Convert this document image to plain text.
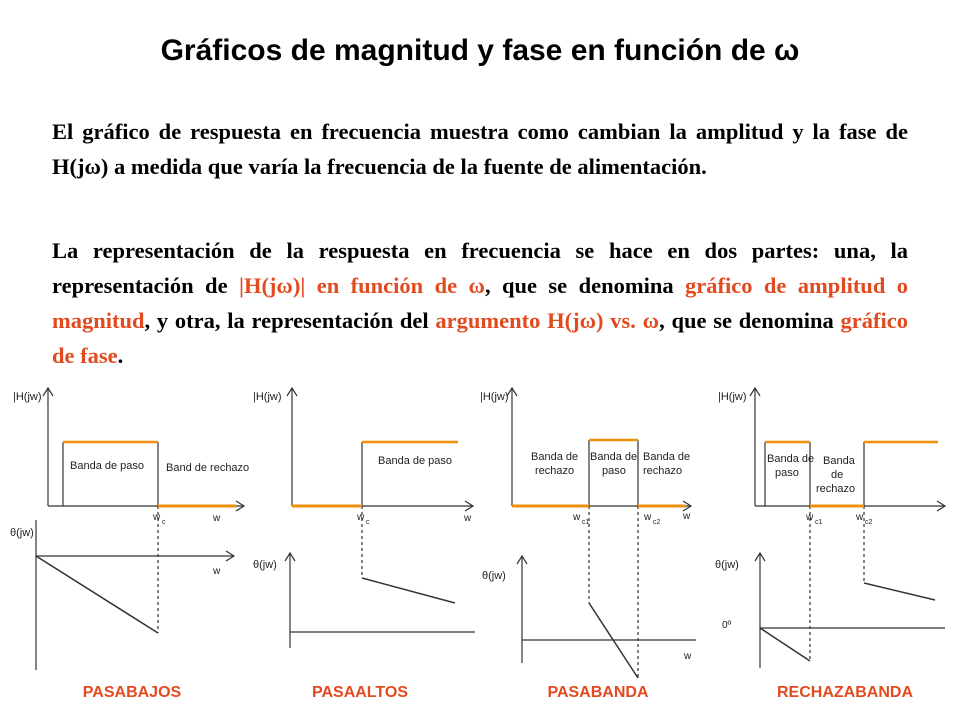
Gráficos de magnitud y fase en función de ω

El gráfico de respuesta en frecuencia muestra como cambian la amplitud y la fase de H(jω) a medida que varía la frecuencia de la fuente de alimentación.

La representación de la respuesta en frecuencia se hace en dos partes: una, la representación de |H(jω)| en función de ω, que se denomina gráfico de amplitud o magnitud, y otra, la representación del argumento H(jω) vs. ω, que se denomina gráfico de fase.

|H(jw)
θ(jw)
Banda de paso Band de rechazo
w c	w
w
|H(jw)
θ(jw)
Banda de paso
w c	w
|H(jw)
θ(jw)
Banda de
rechazo
Banda de
paso
Banda de
rechazo
w c1	w c2
w
w
|H(jw)
θ(jw)
0º
Banda de
paso
Banda
de
rechazo
w c1	w c2
PASABAJOS	PASAALTOS	PASABANDA	RECHAZABANDA
